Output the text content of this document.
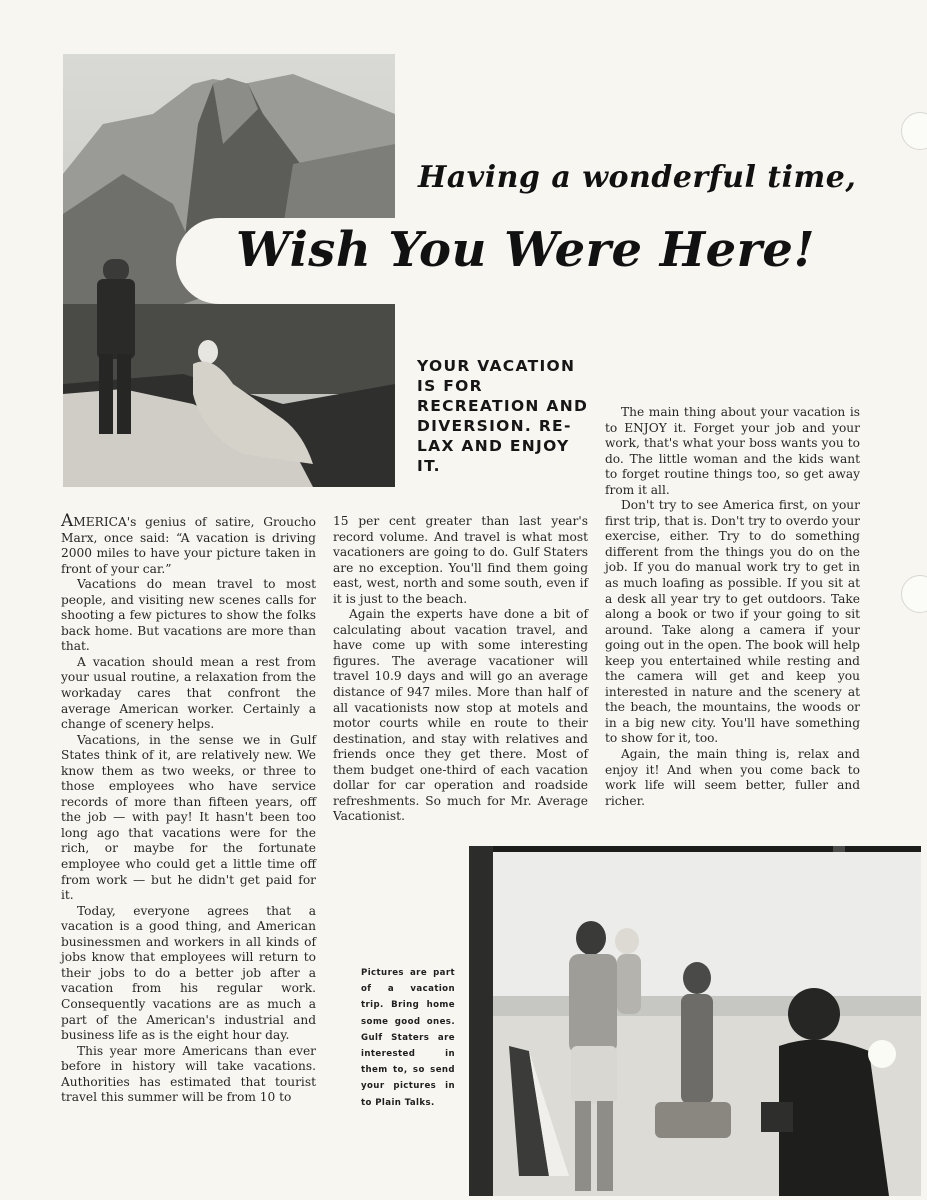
Having a wonderful time,
Wish You Were Here!
YOUR VACATION IS FOR RECREATION AND DIVERSION. RE-LAX AND ENJOY IT.

AMERICA's genius of satire, Groucho Marx, once said: “A vacation is driving 2000 miles to have your picture taken in front of your car.”

Vacations do mean travel to most people, and visiting new scenes calls for shooting a few pictures to show the folks back home. But vacations are more than that.

A vacation should mean a rest from your usual routine, a relaxation from the workaday cares that confront the average American worker. Certainly a change of scenery helps.

Vacations, in the sense we in Gulf States think of it, are relatively new. We know them as two weeks, or three to those employees who have service records of more than fifteen years, off the job — with pay! It hasn't been too long ago that vacations were for the rich, or maybe for the fortunate employee who could get a little time off from work — but he didn't get paid for it.

Today, everyone agrees that a vacation is a good thing, and American businessmen and workers in all kinds of jobs know that employees will return to their jobs to do a better job after a vacation from his regular work. Consequently vacations are as much a part of the American's industrial and business life as is the eight hour day.

This year more Americans than ever before in history will take vacations. Authorities has estimated that tourist travel this summer will be from 10 to

15 per cent greater than last year's record volume. And travel is what most vacationers are going to do. Gulf Staters are no exception. You'll find them going east, west, north and some south, even if it is just to the beach.

Again the experts have done a bit of calculating about vacation travel, and have come up with some interesting figures. The average vacationer will travel 10.9 days and will go an average distance of 947 miles. More than half of all vacationists now stop at motels and motor courts while en route to their destination, and stay with relatives and friends once they get there. Most of them budget one-third of each vacation dollar for car operation and roadside refreshments. So much for Mr. Average Vacationist.

The main thing about your vacation is to ENJOY it. Forget your job and your work, that's what your boss wants you to do. The little woman and the kids want to forget routine things too, so get away from it all.

Don't try to see America first, on your first trip, that is. Don't try to overdo your exercise, either. Try to do something different from the things you do on the job. If you do manual work try to get in as much loafing as possible. If you sit at a desk all year try to get outdoors. Take along a book or two if your going to sit around. Take along a camera if your going out in the open. The book will help keep you entertained while resting and the camera will get and keep you interested in nature and the scenery at the beach, the mountains, the woods or in a big new city. You'll have something to show for it, too.

Again, the main thing is, relax and enjoy it! And when you come back to work life will seem better, fuller and richer.

Pictures are part of a vacation trip. Bring home some good ones. Gulf Staters are interested in them to, so send your pictures in to Plain Talks.
